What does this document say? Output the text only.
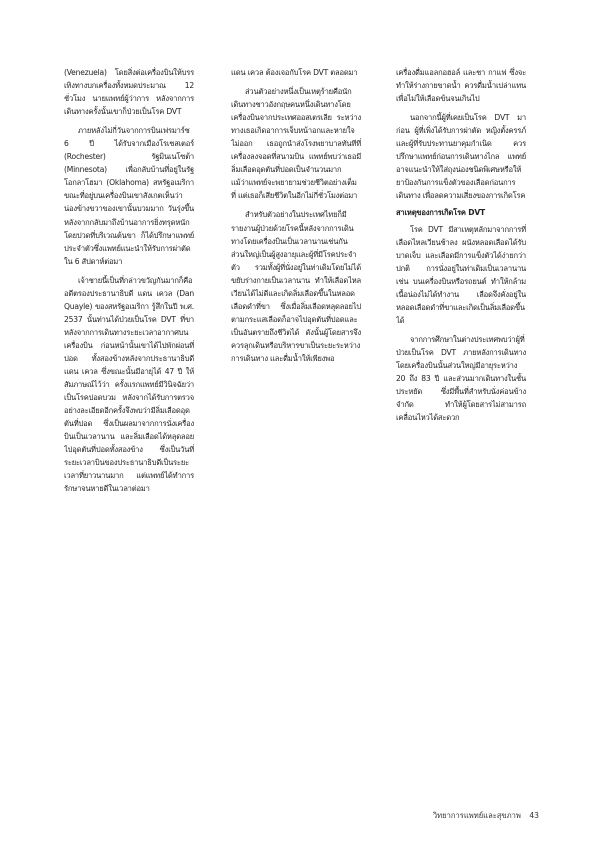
(Venezuela) โดยสิ่งต่อเครื่องบินให้บรรเทิงทางบกเครื่องทั้งหมดประมาณ 12 ชั่วโมง นายแพทย์ผู้ว่าการ หลังจากการเดินทางครั้งนั้นเขาก็ป่วยเป็นโรค DVT

ภายหลังไม่กี่วันจากการบินเฟรมาร์ช 6 ปี ได้รับจากเมืองโรเชสเตอร์ (Rochester) รัฐมินเนโซต้า (Minnesota) เพื่อกลับบ้านที่อยู่ในรัฐโอกลาโฮมา (Oklahoma) สหรัฐอเมริกา ขณะที่อยู่บนเครื่องบินเขาสังเกตเห็นว่าน่องข้างขวาของเขานั้นบวมมาก วันรุ่งขึ้นหลังจากกลับมาถึงบ้านอาการยิ่งทรุดหนัก โดยปวดที่บริเวณต้นขา ก็ได้ปรึกษาแพทย์ประจำตัวซึ่งแพทย์แนะนำให้รับการผ่าตัดใน 6 สัปดาห์ต่อมา

เจ้าชายนี้เป็นที่กล่าวขวัญกันมากก็คือ อดีตรองประธานาธิบดี แดน เควล (Dan Quayle) ของสหรัฐอเมริกา รู้สึกในปี พ.ศ. 2537 นั้นท่านได้ป่วยเป็นโรค DVT ที่ขาหลังจากการเดินทางระยะเวลาอากาศบนเครื่องบิน ก่อนหน้านั้นเขาได้ไปพักผ่อนที่ปอด ทั้งสองข้างหลังจากประธานาธิบดี แดน เควล ซึ่งขณะนั้นมีอายุได้ 47 ปี ให้สัมภาษณ์ไว้ว่า ครั้งแรกแพทย์มีวินิจฉัยว่าเป็นโรคปอดบวม หลังจากได้รับการตรวจอย่างละเอียดอีกครั้งจึงพบว่ามีลิ่มเลือดอุดตันที่ปอด ซึ่งเป็นผลมาจากการนั่งเครื่องบินเป็นเวลานาน และลิ่มเลือดได้หลุดลอยไปอุดตันที่ปอดทั้งสองข้าง ซึ่งเป็นวันที่ระยะเวลาบินของประธานาธิบดีเป็นระยะเวลาที่ยาวนานมาก แต่แพทย์ได้ทำการรักษาจนหายดีในเวลาต่อมา

แดน เควล ต้องเจอกับโรค DVT ตลอดมา

ส่วนตัวอย่างหนึ่งเป็นเหตุร้ายคือนักเดินทางชาวอังกฤษคนหนึ่งเดินทางโดยเครื่องบินจากประเทศออสเตรเลีย ระหว่างทางเธอเกิดอาการเจ็บหน้าอกและหายใจไม่ออก เธอถูกนำส่งโรงพยาบาลทันทีที่เครื่องลงจอดที่สนามบิน แพทย์พบว่าเธอมีลิ่มเลือดอุดตันที่ปอดเป็นจำนวนมาก แม้ว่าแพทย์จะพยายามช่วยชีวิตอย่างเต็มที่ แต่เธอก็เสียชีวิตในอีกไม่กี่ชั่วโมงต่อมา

สำหรับตัวอย่างในประเทศไทยก็มีรายงานผู้ป่วยด้วยโรคนี้หลังจากการเดินทางโดยเครื่องบินเป็นเวลานานเช่นกัน ส่วนใหญ่เป็นผู้สูงอายุและผู้ที่มีโรคประจำตัว รวมทั้งผู้ที่นั่งอยู่ในท่าเดิมโดยไม่ได้ขยับร่างกายเป็นเวลานาน ทำให้เลือดไหลเวียนได้ไม่ดีและเกิดลิ่มเลือดขึ้นในหลอดเลือดดำที่ขา ซึ่งเมื่อลิ่มเลือดหลุดลอยไปตามกระแสเลือดก็อาจไปอุดตันที่ปอดและเป็นอันตรายถึงชีวิตได้ ดังนั้นผู้โดยสารจึงควรลุกเดินหรือบริหารขาเป็นระยะระหว่างการเดินทาง และดื่มน้ำให้เพียงพอ

เครื่องดื่มแอลกอฮอล์ และชา กาแฟ ซึ่งจะทำให้ร่างกายขาดน้ำ ควรดื่มน้ำเปล่าแทน เพื่อไม่ให้เลือดข้นจนเกินไป

นอกจากนี้ผู้ที่เคยเป็นโรค DVT มาก่อน ผู้ที่เพิ่งได้รับการผ่าตัด หญิงตั้งครรภ์ และผู้ที่รับประทานยาคุมกำเนิด ควรปรึกษาแพทย์ก่อนการเดินทางไกล แพทย์อาจแนะนำให้ใส่ถุงน่องชนิดพิเศษหรือให้ยาป้องกันการแข็งตัวของเลือดก่อนการเดินทาง เพื่อลดความเสี่ยงของการเกิดโรค

สาเหตุของการเกิดโรค DVT

โรค DVT มีสาเหตุหลักมาจากการที่เลือดไหลเวียนช้าลง ผนังหลอดเลือดได้รับบาดเจ็บ และเลือดมีการแข็งตัวได้ง่ายกว่าปกติ การนั่งอยู่ในท่าเดิมเป็นเวลานาน เช่น บนเครื่องบินหรือรถยนต์ ทำให้กล้ามเนื้อน่องไม่ได้ทำงาน เลือดจึงคั่งอยู่ในหลอดเลือดดำที่ขาและเกิดเป็นลิ่มเลือดขึ้นได้

จากการศึกษาในต่างประเทศพบว่าผู้ที่ป่วยเป็นโรค DVT ภายหลังการเดินทางโดยเครื่องบินนั้นส่วนใหญ่มีอายุระหว่าง 20 ถึง 83 ปี และส่วนมากเดินทางในชั้นประหยัด ซึ่งมีพื้นที่สำหรับนั่งค่อนข้างจำกัด ทำให้ผู้โดยสารไม่สามารถเคลื่อนไหวได้สะดวก

วิทยาการแพทย์และสุขภาพ 43
